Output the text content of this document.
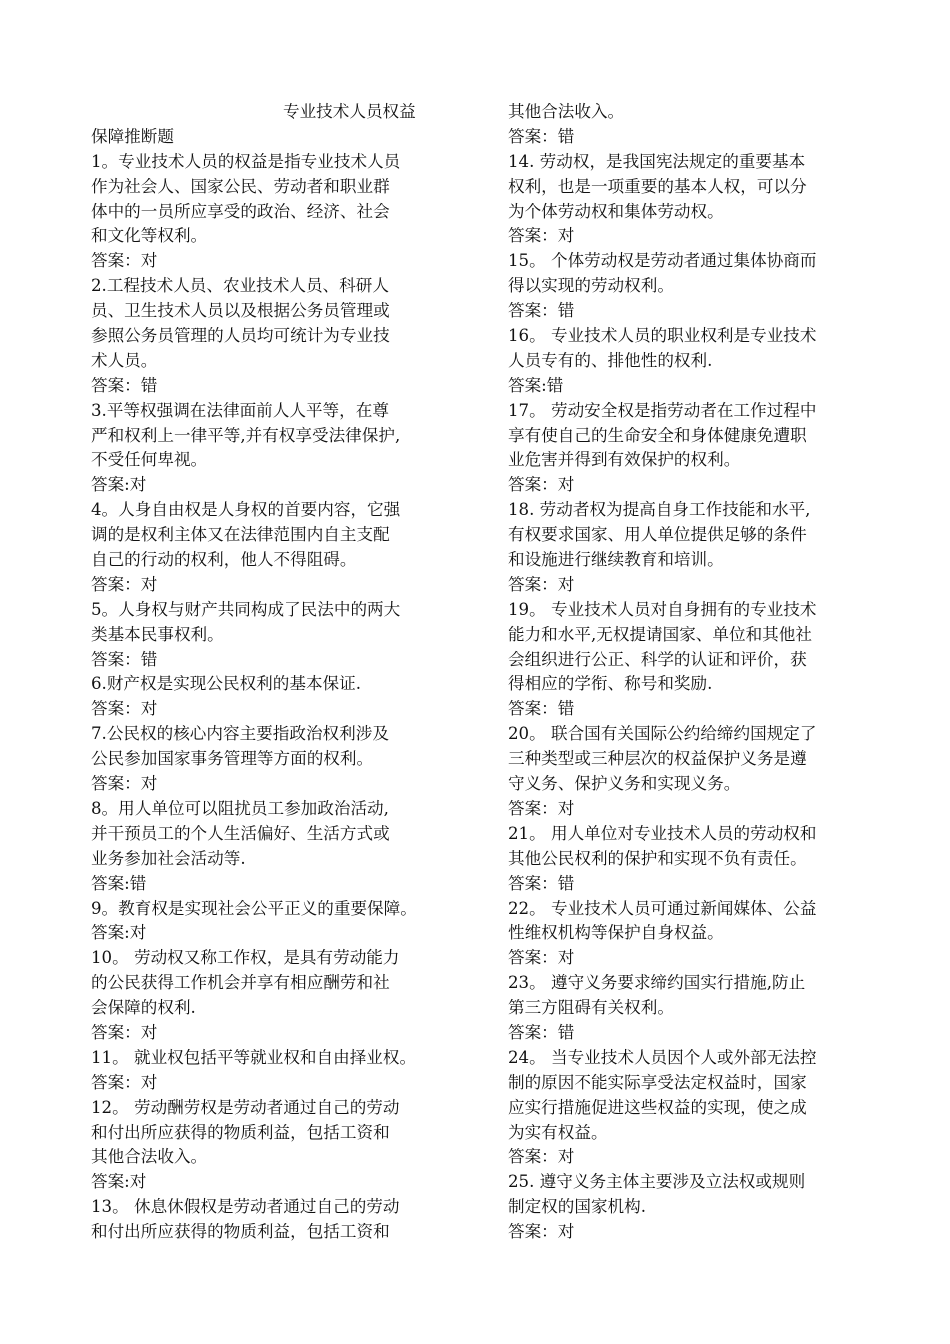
专业技术人员权益
保障推断题
1。专业技术人员的权益是指专业技术人员
作为社会人、国家公民、劳动者和职业群
体中的一员所应享受的政治、经济、社会
和文化等权利。
答案：对
2.工程技术人员、农业技术人员、科研人
员、卫生技术人员以及根据公务员管理或
参照公务员管理的人员均可统计为专业技
术人员。
答案：错
3.平等权强调在法律面前人人平等，在尊
严和权利上一律平等,并有权享受法律保护,
不受任何卑视。
答案:对
4。人身自由权是人身权的首要内容，它强
调的是权利主体又在法律范围内自主支配
自己的行动的权利，他人不得阻碍。
答案：对
5。人身权与财产共同构成了民法中的两大
类基本民事权利。
答案：错
6.财产权是实现公民权利的基本保证.
答案：对
7.公民权的核心内容主要指政治权利涉及
公民参加国家事务管理等方面的权利。
答案：对
8。用人单位可以阻扰员工参加政治活动,
并干预员工的个人生活偏好、生活方式或
业务参加社会活动等.
答案:错
9。教育权是实现社会公平正义的重要保障。
答案:对
10。 劳动权又称工作权，是具有劳动能力
的公民获得工作机会并享有相应酬劳和社
会保障的权利.
答案：对
11。 就业权包括平等就业权和自由择业权。
答案：对
12。 劳动酬劳权是劳动者通过自己的劳动
和付出所应获得的物质利益，包括工资和
其他合法收入。
答案:对
13。 休息休假权是劳动者通过自己的劳动
和付出所应获得的物质利益，包括工资和
其他合法收入。
答案：错
14. 劳动权，是我国宪法规定的重要基本
权利，也是一项重要的基本人权，可以分
为个体劳动权和集体劳动权。
答案：对
15。 个体劳动权是劳动者通过集体协商而
得以实现的劳动权利。
答案：错
16。 专业技术人员的职业权利是专业技术
人员专有的、排他性的权利.
答案:错
17。 劳动安全权是指劳动者在工作过程中
享有使自己的生命安全和身体健康免遭职
业危害并得到有效保护的权利。
答案：对
18. 劳动者权为提高自身工作技能和水平,
有权要求国家、用人单位提供足够的条件
和设施进行继续教育和培训。
答案：对
19。 专业技术人员对自身拥有的专业技术
能力和水平,无权提请国家、单位和其他社
会组织进行公正、科学的认证和评价，获
得相应的学衔、称号和奖励.
答案：错
20。 联合国有关国际公约给缔约国规定了
三种类型或三种层次的权益保护义务是遵
守义务、保护义务和实现义务。
答案：对
21。 用人单位对专业技术人员的劳动权和
其他公民权利的保护和实现不负有责任。
答案：错
22。 专业技术人员可通过新闻媒体、公益
性维权机构等保护自身权益。
答案：对
23。 遵守义务要求缔约国实行措施,防止
第三方阻碍有关权利。
答案：错
24。 当专业技术人员因个人或外部无法控
制的原因不能实际享受法定权益时，国家
应实行措施促进这些权益的实现，使之成
为实有权益。
答案：对
25. 遵守义务主体主要涉及立法权或规则
制定权的国家机构.
答案：对
